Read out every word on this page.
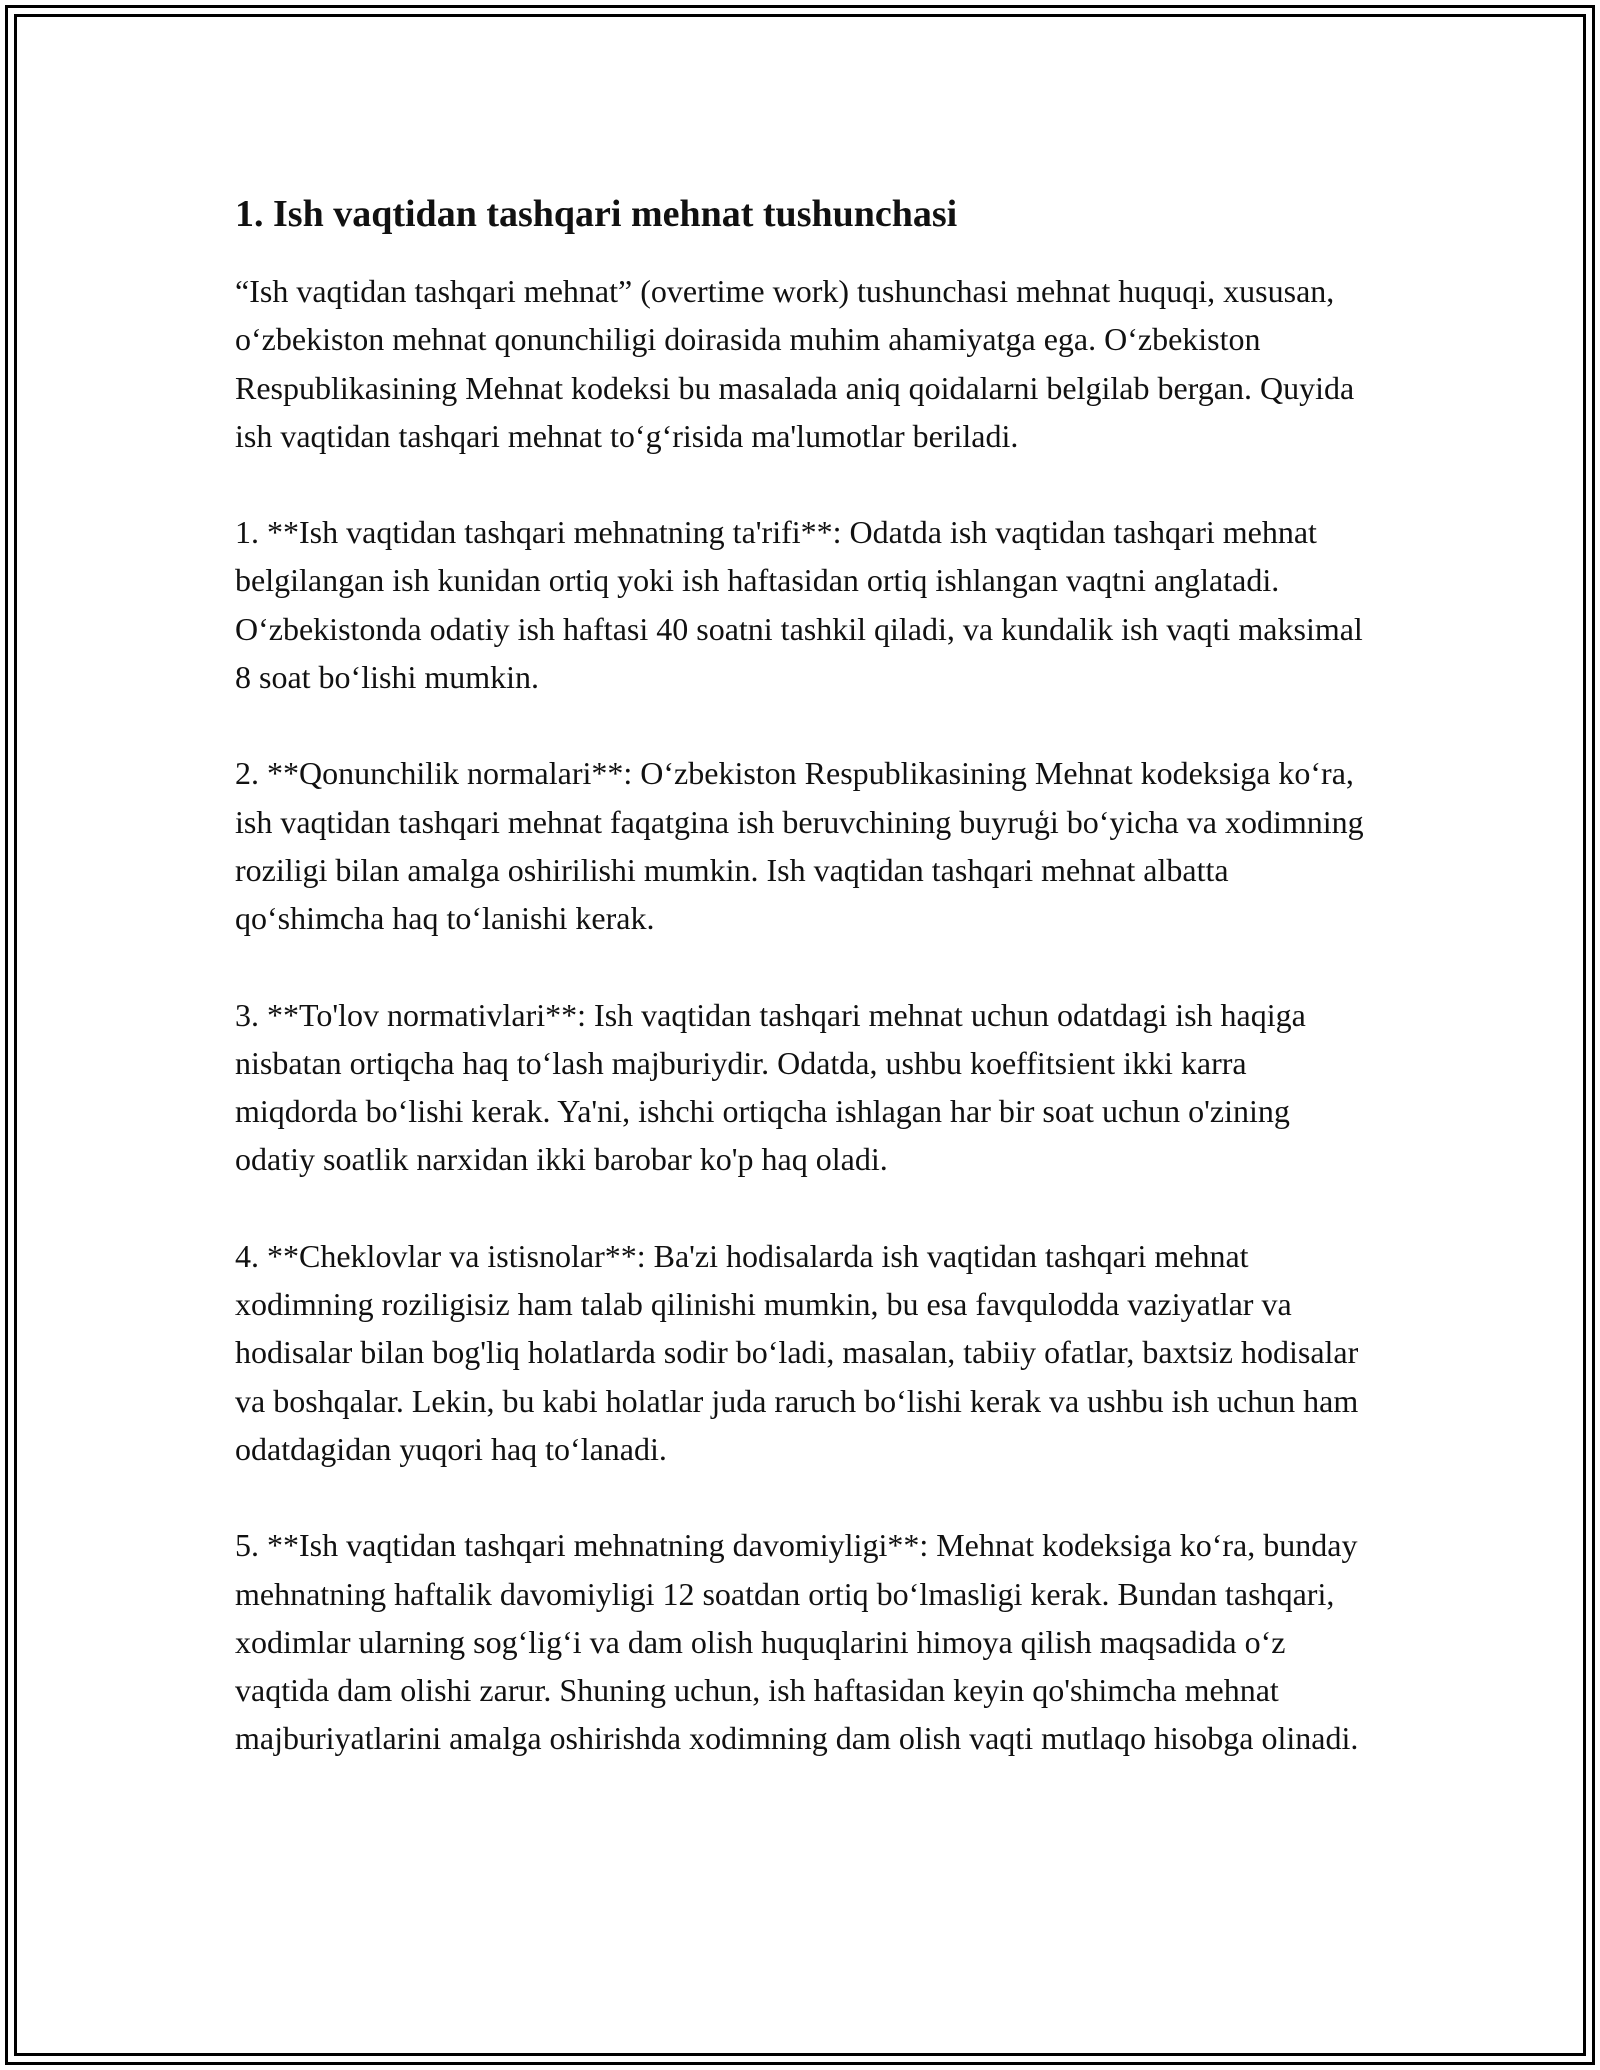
1. Ish vaqtidan tashqari mehnat tushunchasi

“Ish vaqtidan tashqari mehnat” (overtime work) tushunchasi mehnat huquqi, xususan, o‘zbekiston mehnat qonunchiligi doirasida muhim ahamiyatga ega. O‘zbekiston Respublikasining Mehnat kodeksi bu masalada aniq qoidalarni belgilab bergan. Quyida ish vaqtidan tashqari mehnat to‘g‘risida ma'lumotlar beriladi.

1. **Ish vaqtidan tashqari mehnatning ta'rifi**: Odatda ish vaqtidan tashqari mehnat belgilangan ish kunidan ortiq yoki ish haftasidan ortiq ishlangan vaqtni anglatadi. O‘zbekistonda odatiy ish haftasi 40 soatni tashkil qiladi, va kundalik ish vaqti maksimal 8 soat bo‘lishi mumkin.

2. **Qonunchilik normalari**: O‘zbekiston Respublikasining Mehnat kodeksiga ko‘ra, ish vaqtidan tashqari mehnat faqatgina ish beruvchining buyruģi bo‘yicha va xodimning roziligi bilan amalga oshirilishi mumkin. Ish vaqtidan tashqari mehnat albatta qo‘shimcha haq to‘lanishi kerak.

3. **To'lov normativlari**: Ish vaqtidan tashqari mehnat uchun odatdagi ish haqiga nisbatan ortiqcha haq to‘lash majburiydir. Odatda, ushbu koeffitsient ikki karra miqdorda bo‘lishi kerak. Ya'ni, ishchi ortiqcha ishlagan har bir soat uchun o'zining odatiy soatlik narxidan ikki barobar ko'p haq oladi.

4. **Cheklovlar va istisnolar**: Ba'zi hodisalarda ish vaqtidan tashqari mehnat xodimning roziligisiz ham talab qilinishi mumkin, bu esa favqulodda vaziyatlar va hodisalar bilan bog'liq holatlarda sodir bo‘ladi, masalan, tabiiy ofatlar, baxtsiz hodisalar va boshqalar. Lekin, bu kabi holatlar juda raruch bo‘lishi kerak va ushbu ish uchun ham odatdagidan yuqori haq to‘lanadi.

5. **Ish vaqtidan tashqari mehnatning davomiyligi**: Mehnat kodeksiga ko‘ra, bunday mehnatning haftalik davomiyligi 12 soatdan ortiq bo‘lmasligi kerak. Bundan tashqari, xodimlar ularning sog‘lig‘i va dam olish huquqlarini himoya qilish maqsadida o‘z vaqtida dam olishi zarur. Shuning uchun, ish haftasidan keyin qo'shimcha mehnat majburiyatlarini amalga oshirishda xodimning dam olish vaqti mutlaqo hisobga olinadi.
